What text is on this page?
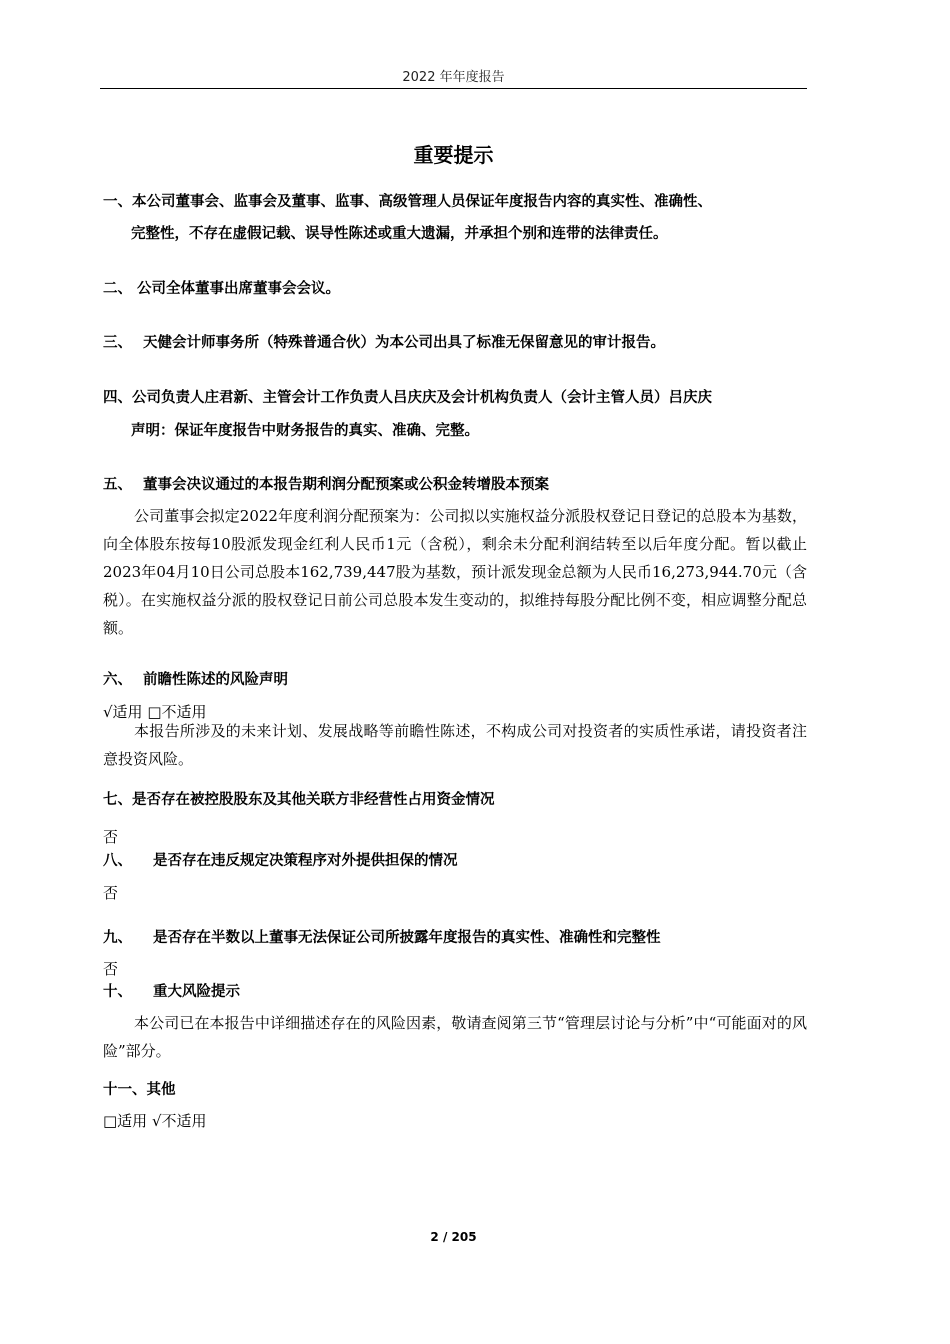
2022 年年度报告
重要提示
一、本公司董事会、监事会及董事、监事、高级管理人员保证年度报告内容的真实性、准确性、
完整性，不存在虚假记载、误导性陈述或重大遗漏，并承担个别和连带的法律责任。
二、 公司全体董事出席董事会会议。
三、 天健会计师事务所（特殊普通合伙）为本公司出具了标准无保留意见的审计报告。
四、公司负责人庄君新、主管会计工作负责人吕庆庆及会计机构负责人（会计主管人员）吕庆庆
声明：保证年度报告中财务报告的真实、准确、完整。
五、 董事会决议通过的本报告期利润分配预案或公积金转增股本预案
公司董事会拟定2022年度利润分配预案为：公司拟以实施权益分派股权登记日登记的总股本为基数，向全体股东按每10股派发现金红利人民币1元（含税），剩余未分配利润结转至以后年度分配。暂以截止2023年04月10日公司总股本162,739,447股为基数，预计派发现金总额为人民币16,273,944.70元（含税）。在实施权益分派的股权登记日前公司总股本发生变动的，拟维持每股分配比例不变，相应调整分配总额。
六、 前瞻性陈述的风险声明
√适用 □不适用
本报告所涉及的未来计划、发展战略等前瞻性陈述，不构成公司对投资者的实质性承诺，请投资者注意投资风险。
七、是否存在被控股股东及其他关联方非经营性占用资金情况
否
八、 是否存在违反规定决策程序对外提供担保的情况
否
九、 是否存在半数以上董事无法保证公司所披露年度报告的真实性、准确性和完整性
否
十、 重大风险提示
本公司已在本报告中详细描述存在的风险因素，敬请查阅第三节“管理层讨论与分析”中“可能面对的风险”部分。
十一、其他
□适用 √不适用
2 / 205
